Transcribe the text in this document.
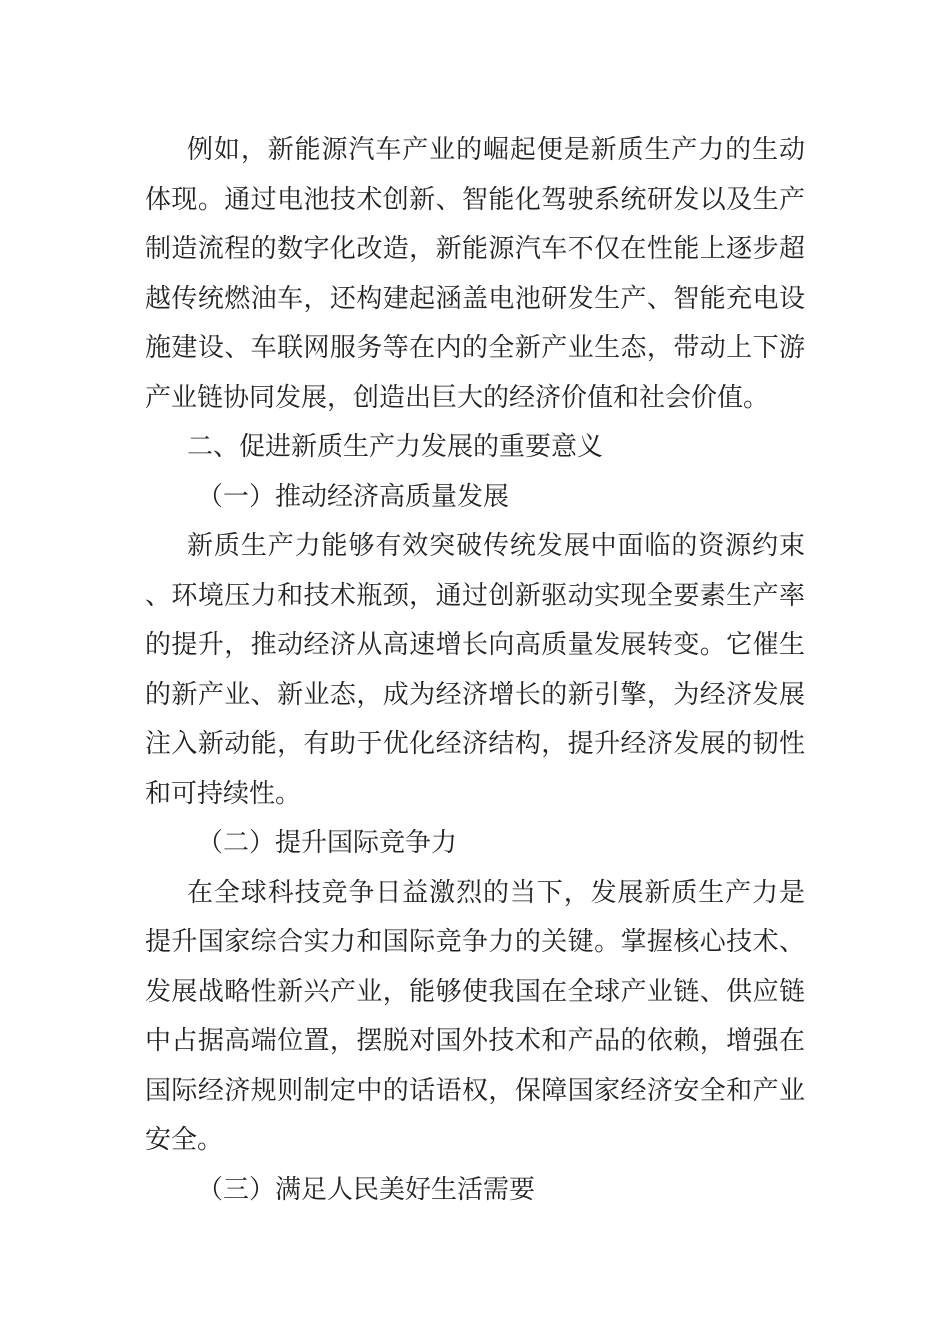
例如，新能源汽车产业的崛起便是新质生产力的生动体现。通过电池技术创新、智能化驾驶系统研发以及生产制造流程的数字化改造，新能源汽车不仅在性能上逐步超越传统燃油车，还构建起涵盖电池研发生产、智能充电设施建设、车联网服务等在内的全新产业生态，带动上下游产业链协同发展，创造出巨大的经济价值和社会价值。

二、促进新质生产力发展的重要意义

（一）推动经济高质量发展

新质生产力能够有效突破传统发展中面临的资源约束、环境压力和技术瓶颈，通过创新驱动实现全要素生产率的提升，推动经济从高速增长向高质量发展转变。它催生的新产业、新业态，成为经济增长的新引擎，为经济发展注入新动能，有助于优化经济结构，提升经济发展的韧性和可持续性。

（二）提升国际竞争力

在全球科技竞争日益激烈的当下，发展新质生产力是提升国家综合实力和国际竞争力的关键。掌握核心技术、发展战略性新兴产业，能够使我国在全球产业链、供应链中占据高端位置，摆脱对国外技术和产品的依赖，增强在国际经济规则制定中的话语权，保障国家经济安全和产业安全。

（三）满足人民美好生活需要
